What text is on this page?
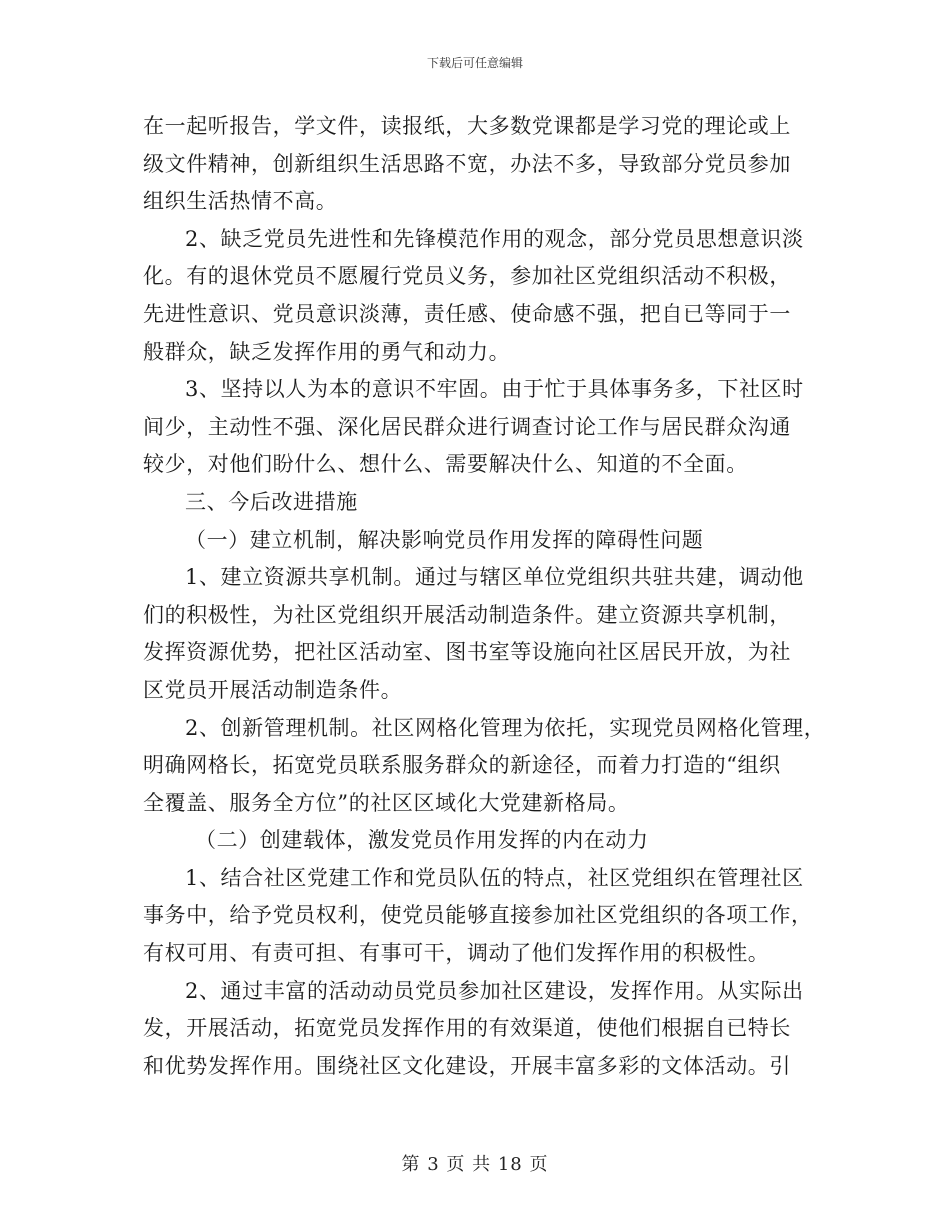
下载后可任意编辑
在一起听报告，学文件，读报纸，大多数党课都是学习党的理论或上
级文件精神，创新组织生活思路不宽，办法不多，导致部分党员参加
组织生活热情不高。
2、缺乏党员先进性和先锋模范作用的观念，部分党员思想意识淡
化。有的退休党员不愿履行党员义务，参加社区党组织活动不积极，
先进性意识、党员意识淡薄，责任感、使命感不强，把自已等同于一
般群众，缺乏发挥作用的勇气和动力。
3、坚持以人为本的意识不牢固。由于忙于具体事务多，下社区时
间少，主动性不强、深化居民群众进行调查讨论工作与居民群众沟通
较少，对他们盼什么、想什么、需要解决什么、知道的不全面。
三、今后改进措施
（一）建立机制，解决影响党员作用发挥的障碍性问题
1、建立资源共享机制。通过与辖区单位党组织共驻共建，调动他
们的积极性，为社区党组织开展活动制造条件。建立资源共享机制，
发挥资源优势，把社区活动室、图书室等设施向社区居民开放，为社
区党员开展活动制造条件。
2、创新管理机制。社区网格化管理为依托，实现党员网格化管理，
明确网格长，拓宽党员联系服务群众的新途径，而着力打造的“组织
全覆盖、服务全方位”的社区区域化大党建新格局。
（二）创建载体，激发党员作用发挥的内在动力
1、结合社区党建工作和党员队伍的特点，社区党组织在管理社区
事务中，给予党员权利，使党员能够直接参加社区党组织的各项工作，
有权可用、有责可担、有事可干，调动了他们发挥作用的积极性。
2、通过丰富的活动动员党员参加社区建设，发挥作用。从实际出
发，开展活动，拓宽党员发挥作用的有效渠道，使他们根据自已特长
和优势发挥作用。围绕社区文化建设，开展丰富多彩的文体活动。引
第 3 页 共 18 页
